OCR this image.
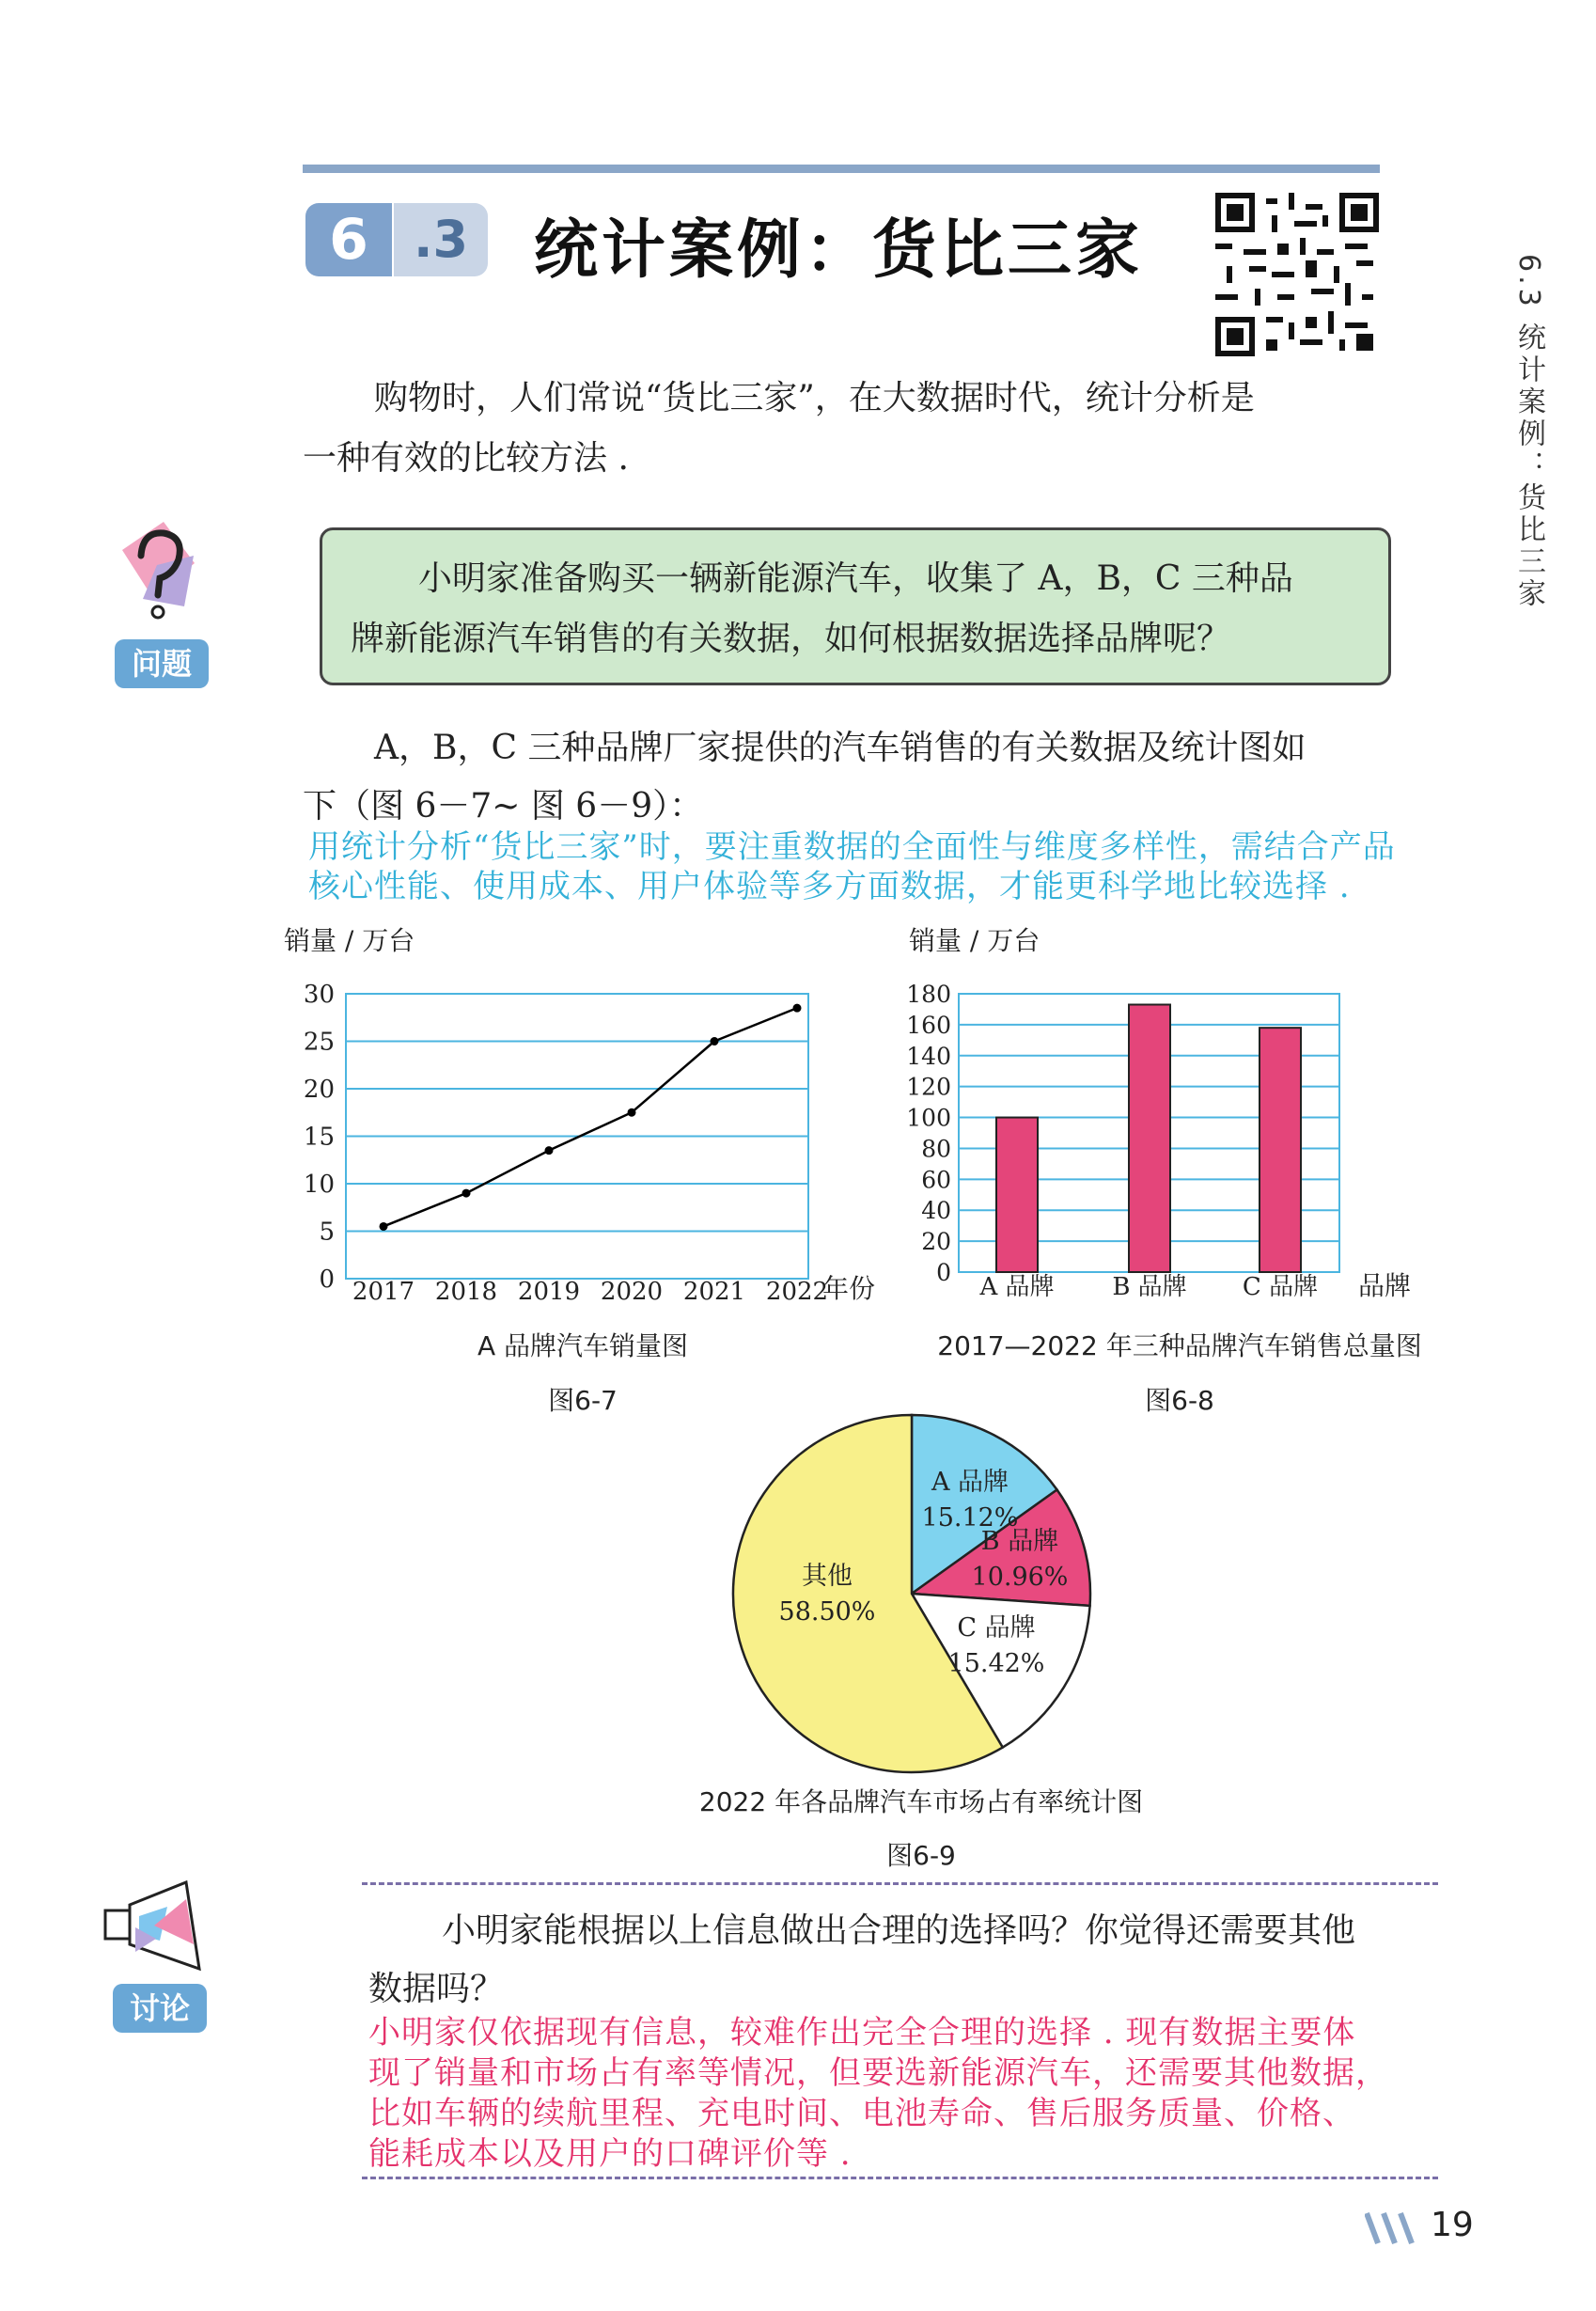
6 .3	统计案例：货比三家
6.3 统计案例：货比三家
购物时，人们常说“货比三家”，在大数据时代，统计分析是
一种有效的比较方法 .
问题
小明家准备购买一辆新能源汽车，收集了 A，B，C 三种品
牌新能源汽车销售的有关数据，如何根据数据选择品牌呢？
A，B，C 三种品牌厂家提供的汽车销售的有关数据及统计图如
下（图 6－7~ 图 6－9）：
用统计分析“货比三家”时，要注重数据的全面性与维度多样性，需结合产品
核心性能、使用成本、用户体验等多方面数据，才能更科学地比较选择 .
销量 / 万台
年份
0
5
10
15
20
25
30
2017 2018 2019 2020 2021 2022
A 品牌汽车销量图
图6-7
销量 / 万台
品牌
0
20
40
60
80
100
120
140
160
180
A 品牌 B 品牌 C 品牌
2017—2022 年三种品牌汽车销售总量图
图6-8
A 品牌
15.12%
B 品牌
10.96%
C 品牌
15.42%
其他
58.50%
2022 年各品牌汽车市场占有率统计图
图6-9
讨论
小明家能根据以上信息做出合理的选择吗？你觉得还需要其他
数据吗？
小明家仅依据现有信息，较难作出完全合理的选择 . 现有数据主要体
现了销量和市场占有率等情况，但要选新能源汽车，还需要其他数据，
比如车辆的续航里程、充电时间、电池寿命、售后服务质量、价格、
能耗成本以及用户的口碑评价等 .
19
